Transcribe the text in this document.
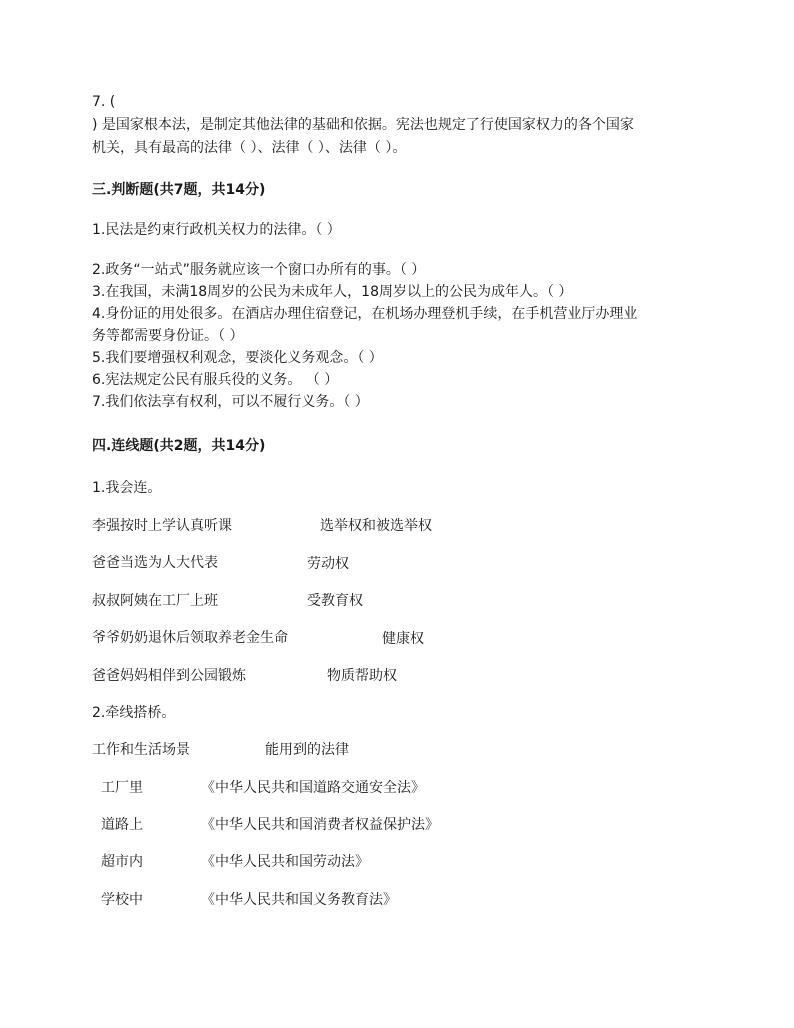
7. (
) 是国家根本法，是制定其他法律的基础和依据。宪法也规定了行使国家权力的各个国家
机关，具有最高的法律（ ）、法律（ ）、法律（ ）。
三.判断题(共7题，共14分)
1.民法是约束行政机关权力的法律。（ ）
2.政务“一站式”服务就应该一个窗口办所有的事。（ ）
3.在我国，未满18周岁的公民为未成年人，18周岁以上的公民为成年人。（ ）
4.身份证的用处很多。在酒店办理住宿登记，在机场办理登机手续，在手机营业厅办理业
务等都需要身份证。（ ）
5.我们要增强权利观念，要淡化义务观念。（ ）
6.宪法规定公民有服兵役的义务。 （ ）
7.我们依法享有权利，可以不履行义务。（ ）
四.连线题(共2题，共14分)
1.我会连。
李强按时上学认真听课	选举权和被选举权
爸爸当选为人大代表	劳动权
叔叔阿姨在工厂上班	受教育权
爷爷奶奶退休后领取养老金生命	健康权
爸爸妈妈相伴到公园锻炼	物质帮助权
2.牵线搭桥。
工作和生活场景	能用到的法律
工厂里	《中华人民共和国道路交通安全法》
道路上	《中华人民共和国消费者权益保护法》
超市内	《中华人民共和国劳动法》
学校中	《中华人民共和国义务教育法》
